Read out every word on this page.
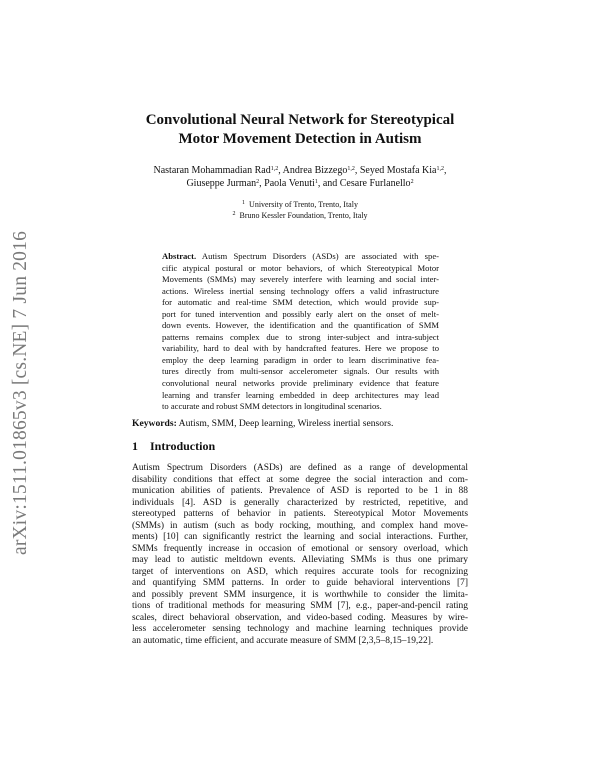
arXiv:1511.01865v3 [cs.NE] 7 Jun 2016
Convolutional Neural Network for Stereotypical
Motor Movement Detection in Autism
Nastaran Mohammadian Rad$^{1,2}$, Andrea Bizzego$^{1,2}$, Seyed Mostafa Kia$^{1,2}$,
Giuseppe Jurman$^2$, Paola Venuti$^1$, and Cesare Furlanello$^2$
$^1$ University of Trento, Trento, Italy
$^2$ Bruno Kessler Foundation, Trento, Italy
Abstract. Autism Spectrum Disorders (ASDs) are associated with spe-
cific atypical postural or motor behaviors, of which Stereotypical Motor
Movements (SMMs) may severely interfere with learning and social inter-
actions. Wireless inertial sensing technology offers a valid infrastructure
for automatic and real-time SMM detection, which would provide sup-
port for tuned intervention and possibly early alert on the onset of melt-
down events. However, the identification and the quantification of SMM
patterns remains complex due to strong inter-subject and intra-subject
variability, hard to deal with by handcrafted features. Here we propose to
employ the deep learning paradigm in order to learn discriminative fea-
tures directly from multi-sensor accelerometer signals. Our results with
convolutional neural networks provide preliminary evidence that feature
learning and transfer learning embedded in deep architectures may lead
to accurate and robust SMM detectors in longitudinal scenarios.
Keywords: Autism, SMM, Deep learning, Wireless inertial sensors.
1 Introduction
Autism Spectrum Disorders (ASDs) are defined as a range of developmental
disability conditions that effect at some degree the social interaction and com-
munication abilities of patients. Prevalence of ASD is reported to be 1 in 88
individuals [4]. ASD is generally characterized by restricted, repetitive, and
stereotyped patterns of behavior in patients. Stereotypical Motor Movements
(SMMs) in autism (such as body rocking, mouthing, and complex hand move-
ments) [10] can significantly restrict the learning and social interactions. Further,
SMMs frequently increase in occasion of emotional or sensory overload, which
may lead to autistic meltdown events. Alleviating SMMs is thus one primary
target of interventions on ASD, which requires accurate tools for recognizing
and quantifying SMM patterns. In order to guide behavioral interventions [7]
and possibly prevent SMM insurgence, it is worthwhile to consider the limita-
tions of traditional methods for measuring SMM [7], e.g., paper-and-pencil rating
scales, direct behavioral observation, and video-based coding. Measures by wire-
less accelerometer sensing technology and machine learning techniques provide
an automatic, time efficient, and accurate measure of SMM [2,3,5–8,15–19,22].
